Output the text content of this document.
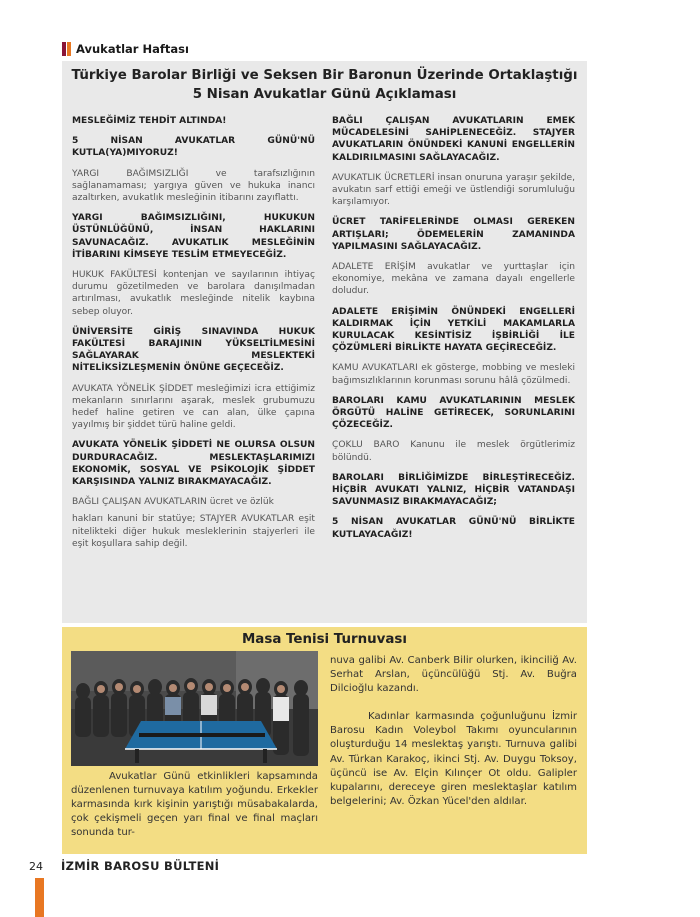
Avukatlar Haftası
Türkiye Barolar Birliği ve Seksen Bir Baronun Üzerinde Ortaklaştığı
5 Nisan Avukatlar Günü Açıklaması

MESLEĞİMİZ TEHDİT ALTINDA!

5 NİSAN AVUKATLAR GÜNÜ'NÜ KUTLA(YA)MIYORUZ!

YARGI BAĞIMSIZLIĞI ve tarafsızlığının sağlanamaması; yargıya güven ve hukuka inancı azaltırken, avukatlık mesleğinin itibarını zayıflattı.

YARGI BAĞIMSIZLIĞINI, HUKUKUN ÜSTÜNLÜĞÜNÜ, İNSAN HAKLARINI SAVUNACAĞIZ. AVUKATLIK MESLEĞİNİN İTİBARINI KİMSEYE TESLİM ETMEYECEĞİZ.

HUKUK FAKÜLTESİ kontenjan ve sayılarının ihtiyaç durumu gözetilmeden ve barolara danışılmadan artırılması, avukatlık mesleğinde nitelik kaybına sebep oluyor.

ÜNİVERSİTE GİRİŞ SINAVINDA HUKUK FAKÜLTESİ BARAJININ YÜKSELTİLMESİNİ SAĞLAYARAK MESLEKTEKİ NİTELİKSİZLEŞMENİN ÖNÜNE GEÇECEĞİZ.

AVUKATA YÖNELİK ŞİDDET mesleğimizi icra ettiğimiz mekanların sınırlarını aşarak, meslek grubumuzu hedef haline getiren ve can alan, ülke çapına yayılmış bir şiddet türü haline geldi.

AVUKATA YÖNELİK ŞİDDETİ NE OLURSA OLSUN DURDURACAĞIZ. MESLEKTAŞLARIMIZI EKONOMİK, SOSYAL VE PSİKOLOJİK ŞİDDET KARŞISINDA YALNIZ BIRAKMAYACAĞIZ.

BAĞLI ÇALIŞAN AVUKATLARIN ücret ve özlük

hakları kanuni bir statüye; STAJYER AVUKATLAR eşit nitelikteki diğer hukuk mesleklerinin stajyerleri ile eşit koşullara sahip değil.

BAĞLI ÇALIŞAN AVUKATLARIN EMEK MÜCADELESİNİ SAHİPLENECEĞİZ. STAJYER AVUKATLARIN ÖNÜNDEKİ KANUNİ ENGELLERİN KALDIRILMASINI SAĞLAYACAĞIZ.

AVUKATLIK ÜCRETLERİ insan onuruna yaraşır şekilde, avukatın sarf ettiği emeği ve üstlendiği sorumluluğu karşılamıyor.

ÜCRET TARİFELERİNDE OLMASI GEREKEN ARTIŞLARI; ÖDEMELERİN ZAMANINDA YAPILMASINI SAĞLAYACAĞIZ.

ADALETE ERİŞİM avukatlar ve yurttaşlar için ekonomiye, mekâna ve zamana dayalı engellerle doludur.

ADALETE ERİŞİMİN ÖNÜNDEKİ ENGELLERİ KALDIRMAK İÇİN YETKİLİ MAKAMLARLA KURULACAK KESİNTİSİZ İŞBİRLİĞİ İLE ÇÖZÜMLERİ BİRLİKTE HAYATA GEÇİRECEĞİZ.

KAMU AVUKATLARI ek gösterge, mobbing ve mesleki bağımsızlıklarının korunması sorunu hâlâ çözülmedi.

BAROLARI KAMU AVUKATLARININ MESLEK ÖRGÜTÜ HALİNE GETİRECEK, SORUNLARINI ÇÖZECEĞİZ.

ÇOKLU BARO Kanunu ile meslek örgütlerimiz bölündü.

BAROLARI BİRLİĞİMİZDE BİRLEŞTİRECEĞİZ. HİÇBİR AVUKATI YALNIZ, HİÇBİR VATANDAŞI SAVUNMASIZ BIRAKMAYACAĞIZ;

5 NİSAN AVUKATLAR GÜNÜ'NÜ BİRLİKTE KUTLAYACAĞIZ!

Masa Tenisi Turnuvası

Avukatlar Günü etkinlikleri kapsamında düzenlenen turnuvaya katılım yoğundu. Erkekler karmasında kırk kişinin yarıştığı müsabakalarda, çok çekişmeli geçen yarı final ve final maçları sonunda tur-

nuva galibi Av. Canberk Bilir olurken, ikinciliğ Av. Serhat Arslan, üçüncülüğü Stj. Av. Buğra Dilcioğlu kazandı.

Kadınlar karmasında çoğunluğunu İzmir Barosu Kadın Voleybol Takımı oyuncularının oluşturduğu 14 meslektaş yarıştı. Turnuva galibi Av. Türkan Karakoç, ikinci Stj. Av. Duygu Toksoy, üçüncü ise Av. Elçin Kılınçer Ot oldu. Galipler kupalarını, dereceye giren meslektaşlar katılım belgelerini; Av. Özkan Yücel'den aldılar.

24	İZMİR BAROSU BÜLTENİ
